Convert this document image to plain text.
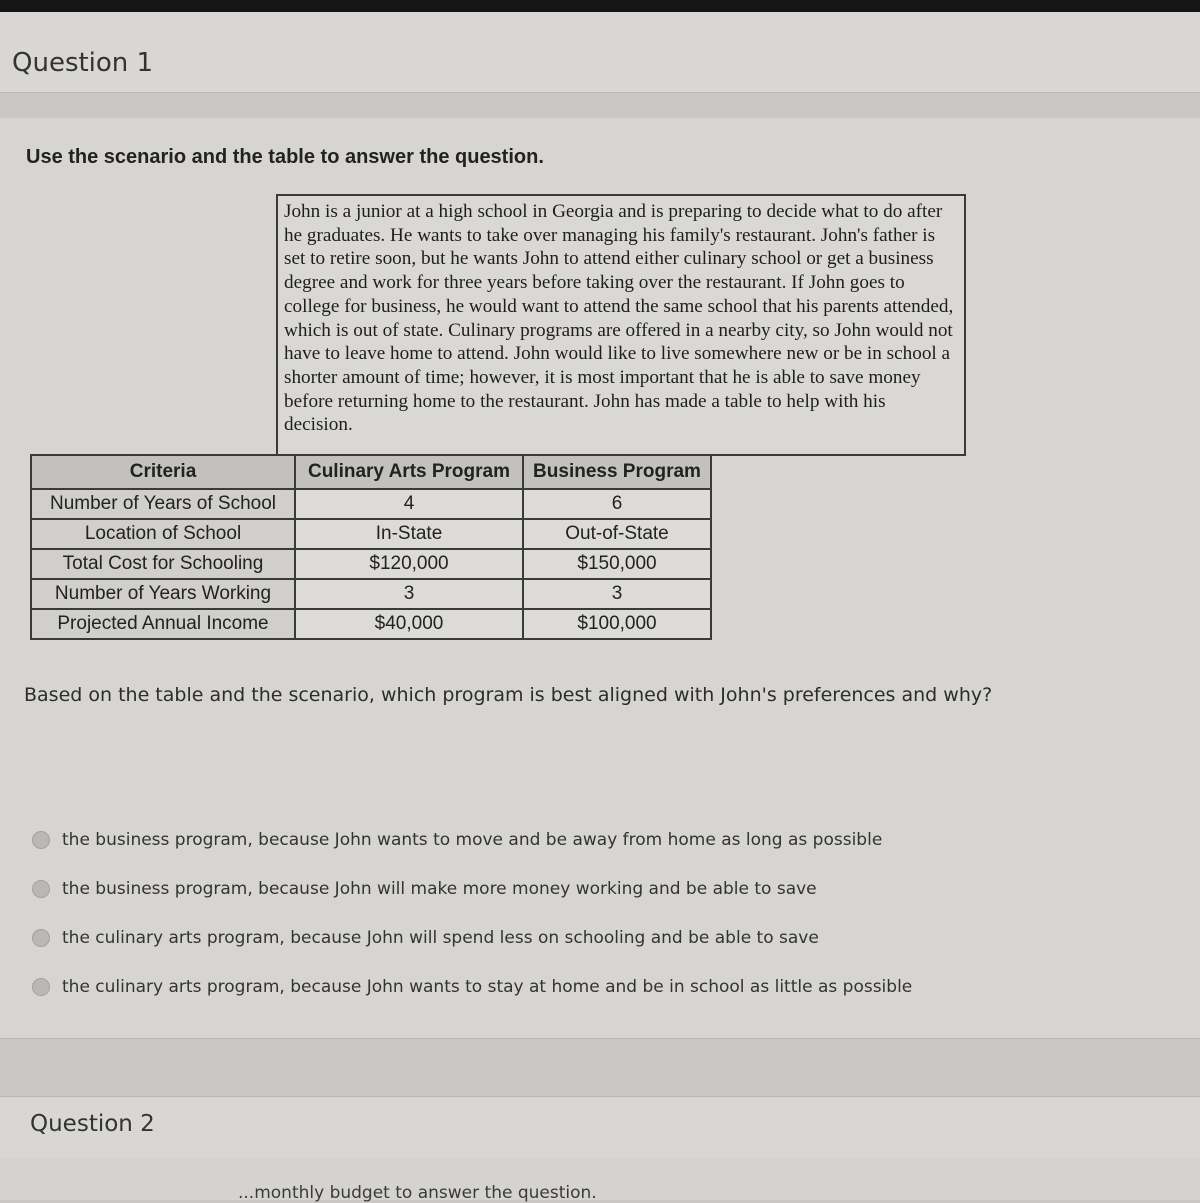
Question 1
Use the scenario and the table to answer the question.
John is a junior at a high school in Georgia and is preparing to decide what to do after he graduates. He wants to take over managing his family's restaurant. John's father is set to retire soon, but he wants John to attend either culinary school or get a business degree and work for three years before taking over the restaurant. If John goes to college for business, he would want to attend the same school that his parents attended, which is out of state. Culinary programs are offered in a nearby city, so John would not have to leave home to attend. John would like to live somewhere new or be in school a shorter amount of time; however, it is most important that he is able to save money before returning home to the restaurant. John has made a table to help with his decision.
Criteria	Culinary Arts Program	Business Program
Number of Years of School	4	6
Location of School	In-State	Out-of-State
Total Cost for Schooling	$120,000	$150,000
Number of Years Working	3	3
Projected Annual Income	$40,000	$100,000
Based on the table and the scenario, which program is best aligned with John's preferences and why?
the business program, because John wants to move and be away from home as long as possible
the business program, because John will make more money working and be able to save
the culinary arts program, because John will spend less on schooling and be able to save
the culinary arts program, because John wants to stay at home and be in school as little as possible
Question 2
...monthly budget to answer the question.
